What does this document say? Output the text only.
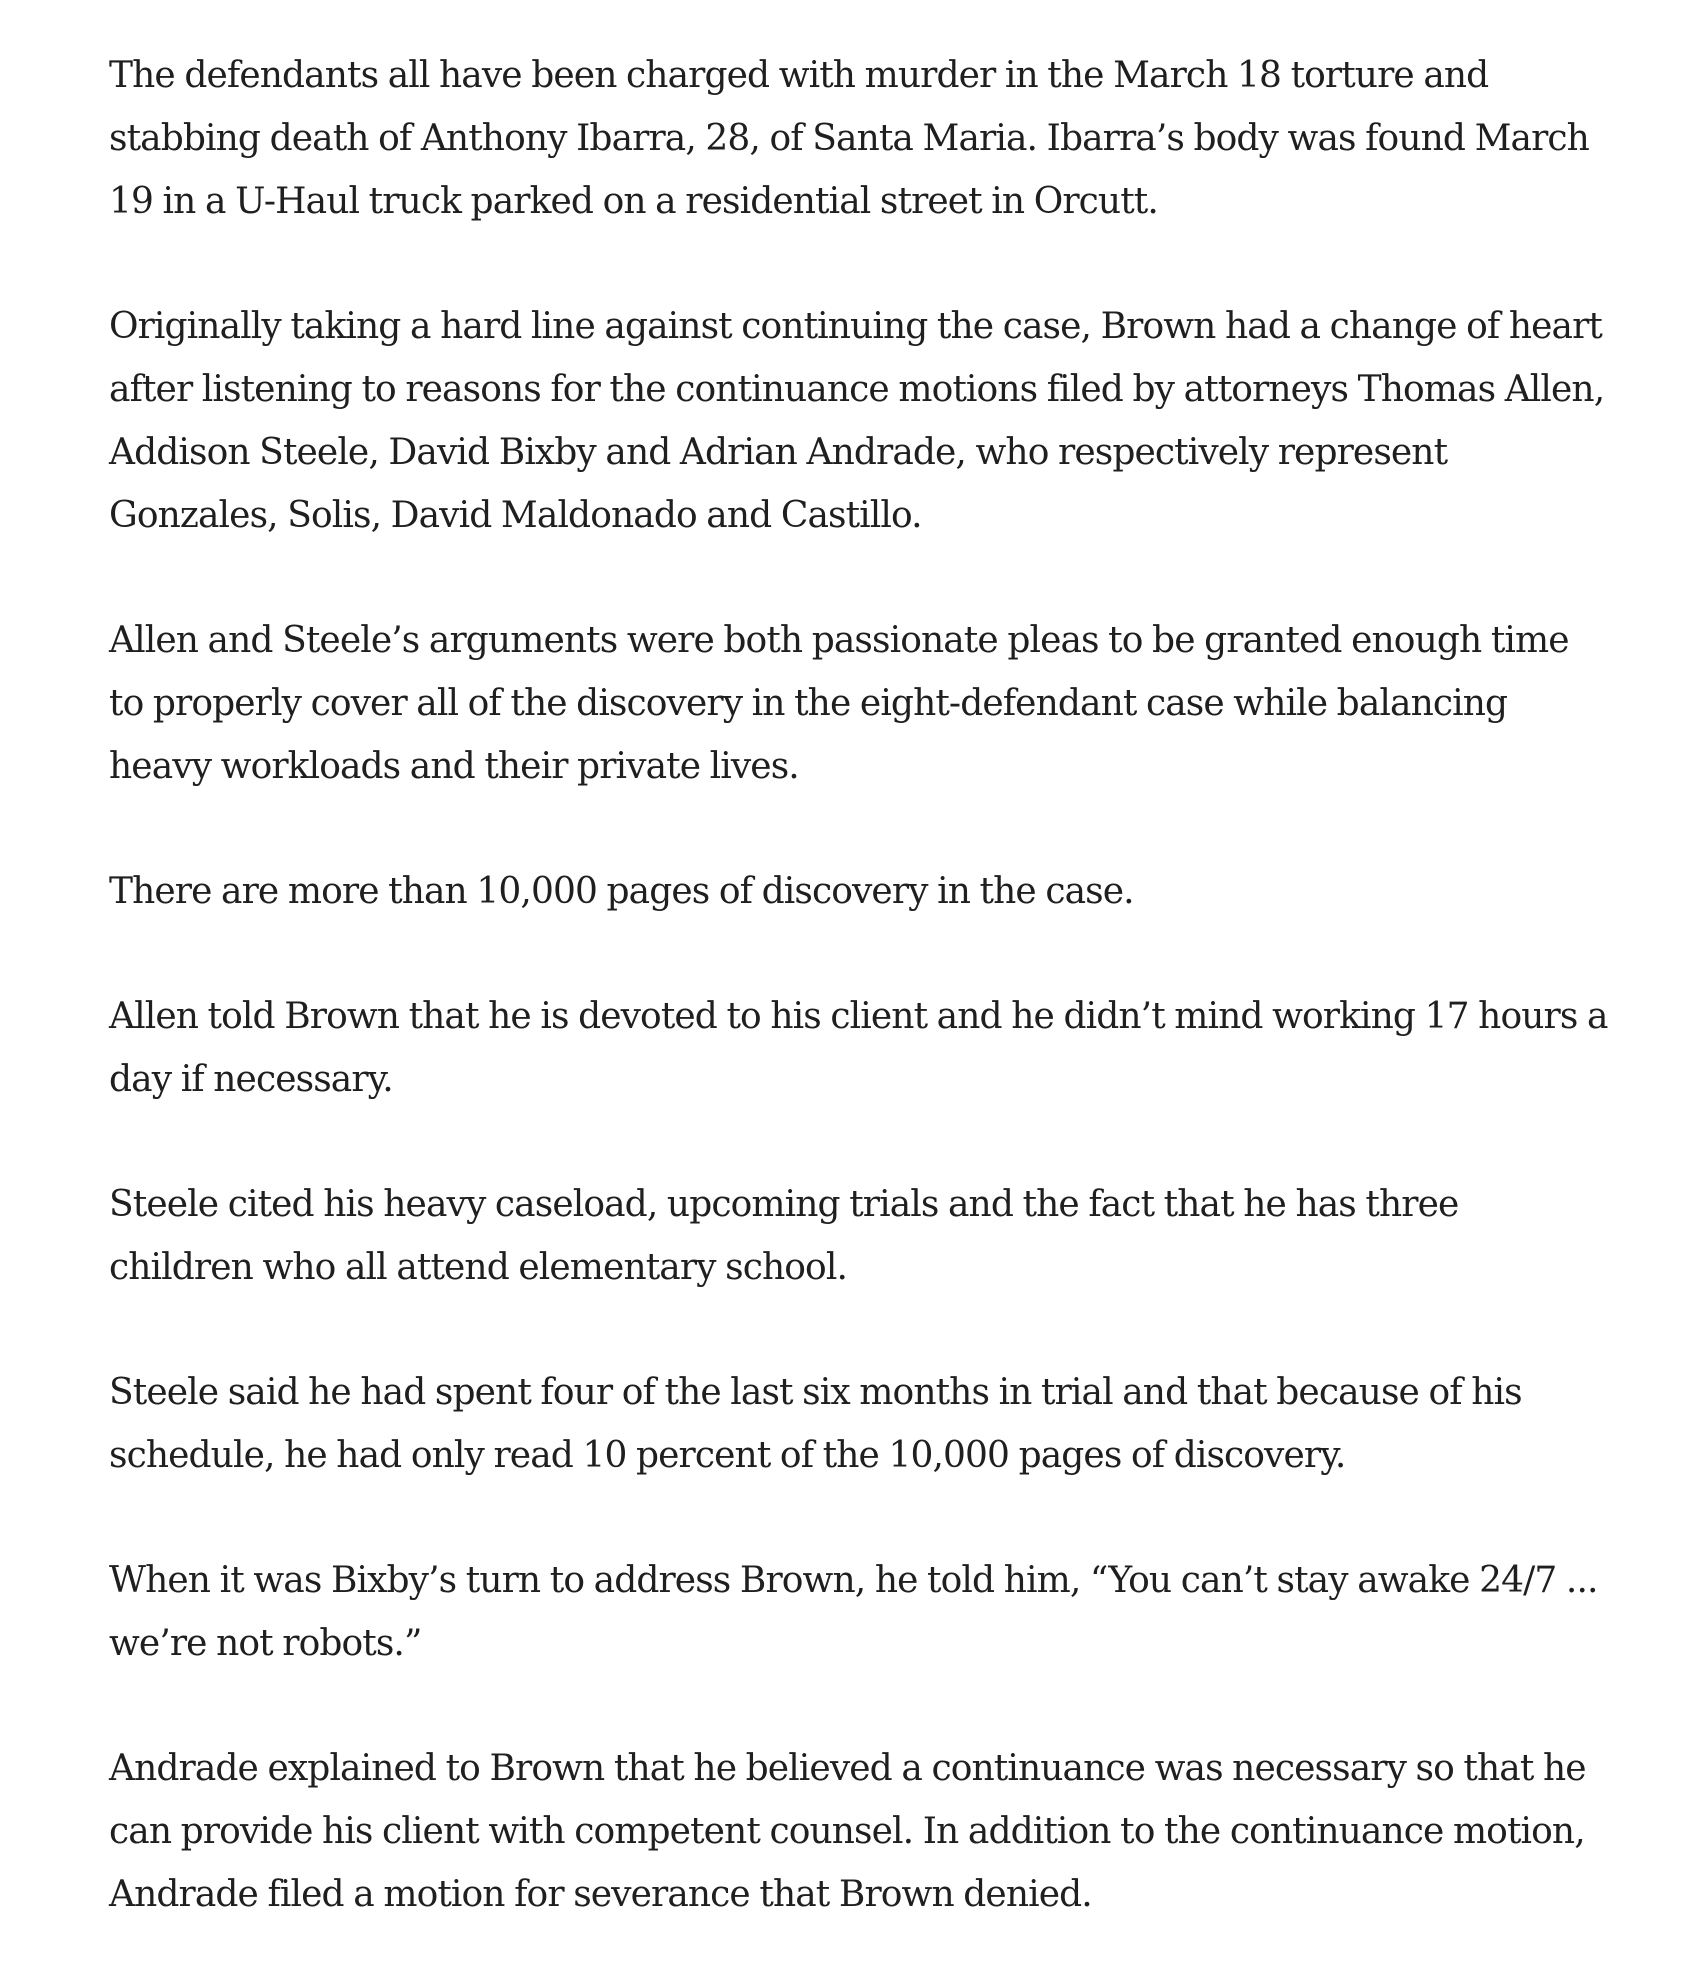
The defendants all have been charged with murder in the March 18 torture and stabbing death of Anthony Ibarra, 28, of Santa Maria. Ibarra’s body was found March 19 in a U-Haul truck parked on a residential street in Orcutt.

Originally taking a hard line against continuing the case, Brown had a change of heart after listening to reasons for the continuance motions filed by attorneys Thomas Allen, Addison Steele, David Bixby and Adrian Andrade, who respectively represent Gonzales, Solis, David Maldonado and Castillo.

Allen and Steele’s arguments were both passionate pleas to be granted enough time to properly cover all of the discovery in the eight-defendant case while balancing heavy workloads and their private lives.

There are more than 10,000 pages of discovery in the case.

Allen told Brown that he is devoted to his client and he didn’t mind working 17 hours a day if necessary.

Steele cited his heavy caseload, upcoming trials and the fact that he has three children who all attend elementary school.

Steele said he had spent four of the last six months in trial and that because of his schedule, he had only read 10 percent of the 10,000 pages of discovery.

When it was Bixby’s turn to address Brown, he told him, “You can’t stay awake 24/7 ... we’re not robots.”

Andrade explained to Brown that he believed a continuance was necessary so that he can provide his client with competent counsel. In addition to the continuance motion, Andrade filed a motion for severance that Brown denied.
